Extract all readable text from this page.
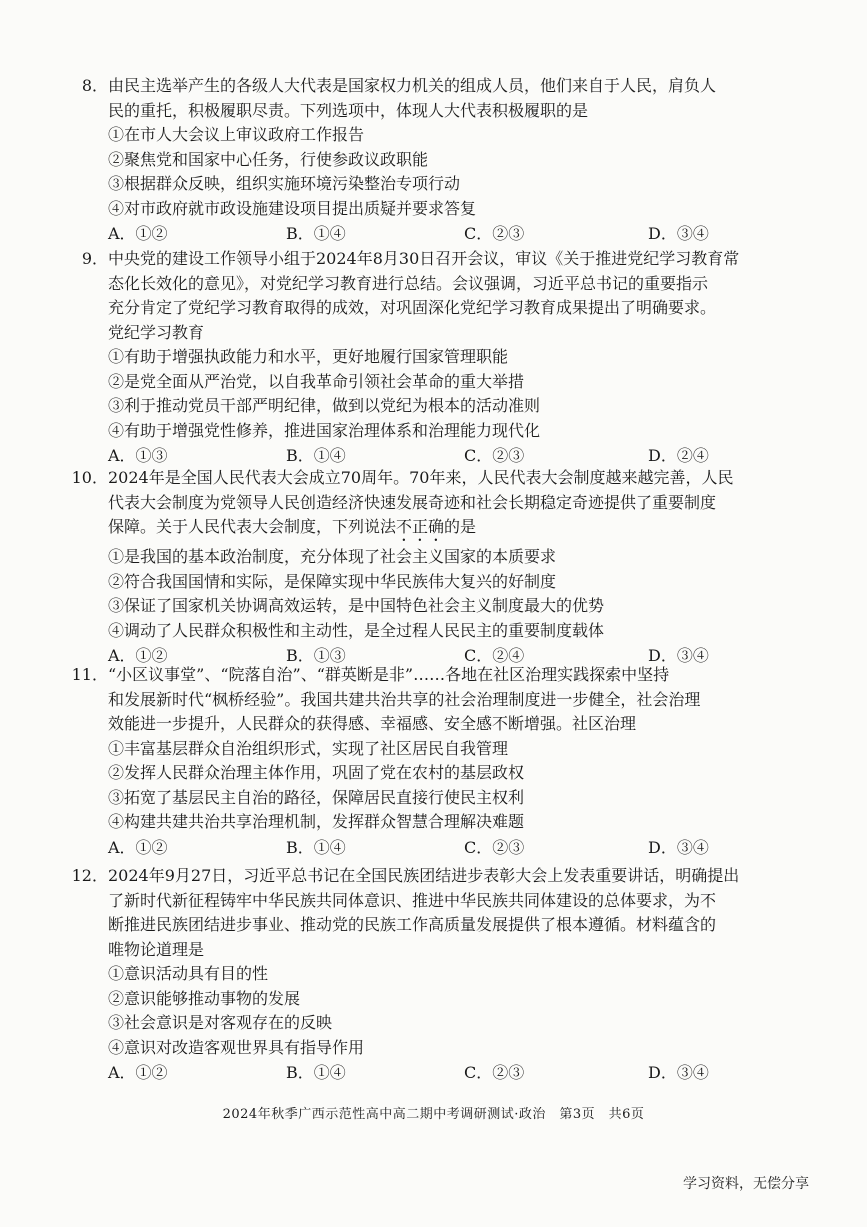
8．由民主选举产生的各级人大代表是国家权力机关的组成人员，他们来自于人民，肩负人
民的重托，积极履职尽责。下列选项中，体现人大代表积极履职的是
①在市人大会议上审议政府工作报告
②聚焦党和国家中心任务，行使参政议政职能
③根据群众反映，组织实施环境污染整治专项行动
④对市政府就市政设施建设项目提出质疑并要求答复
A．①②	B．①④	C．②③	D．③④
9．中央党的建设工作领导小组于2024年8月30日召开会议，审议《关于推进党纪学习教育常
态化长效化的意见》，对党纪学习教育进行总结。会议强调，习近平总书记的重要指示
充分肯定了党纪学习教育取得的成效，对巩固深化党纪学习教育成果提出了明确要求。
党纪学习教育
①有助于增强执政能力和水平，更好地履行国家管理职能
②是党全面从严治党，以自我革命引领社会革命的重大举措
③利于推动党员干部严明纪律，做到以党纪为根本的活动准则
④有助于增强党性修养，推进国家治理体系和治理能力现代化
A．①③	B．①④	C．②③	D．②④
10．2024年是全国人民代表大会成立70周年。70年来，人民代表大会制度越来越完善，人民
代表大会制度为党领导人民创造经济快速发展奇迹和社会长期稳定奇迹提供了重要制度
保障。关于人民代表大会制度，下列说法不正确的是
①是我国的基本政治制度，充分体现了社会主义国家的本质要求
②符合我国国情和实际，是保障实现中华民族伟大复兴的好制度
③保证了国家机关协调高效运转，是中国特色社会主义制度最大的优势
④调动了人民群众积极性和主动性，是全过程人民民主的重要制度载体
A．①②	B．①③	C．②④	D．③④
11．“小区议事堂”、“院落自治”、“群英断是非”……各地在社区治理实践探索中坚持
和发展新时代“枫桥经验”。我国共建共治共享的社会治理制度进一步健全，社会治理
效能进一步提升，人民群众的获得感、幸福感、安全感不断增强。社区治理
①丰富基层群众自治组织形式，实现了社区居民自我管理
②发挥人民群众治理主体作用，巩固了党在农村的基层政权
③拓宽了基层民主自治的路径，保障居民直接行使民主权利
④构建共建共治共享治理机制，发挥群众智慧合理解决难题
A．①②	B．①④	C．②③	D．③④
12．2024年9月27日，习近平总书记在全国民族团结进步表彰大会上发表重要讲话，明确提出
了新时代新征程铸牢中华民族共同体意识、推进中华民族共同体建设的总体要求，为不
断推进民族团结进步事业、推动党的民族工作高质量发展提供了根本遵循。材料蕴含的
唯物论道理是
①意识活动具有目的性
②意识能够推动事物的发展
③社会意识是对客观存在的反映
④意识对改造客观世界具有指导作用
A．①②	B．①④	C．②③	D．③④
2024年秋季广西示范性高中高二期中考调研测试·政治　第3页　共6页
学习资料，无偿分享
